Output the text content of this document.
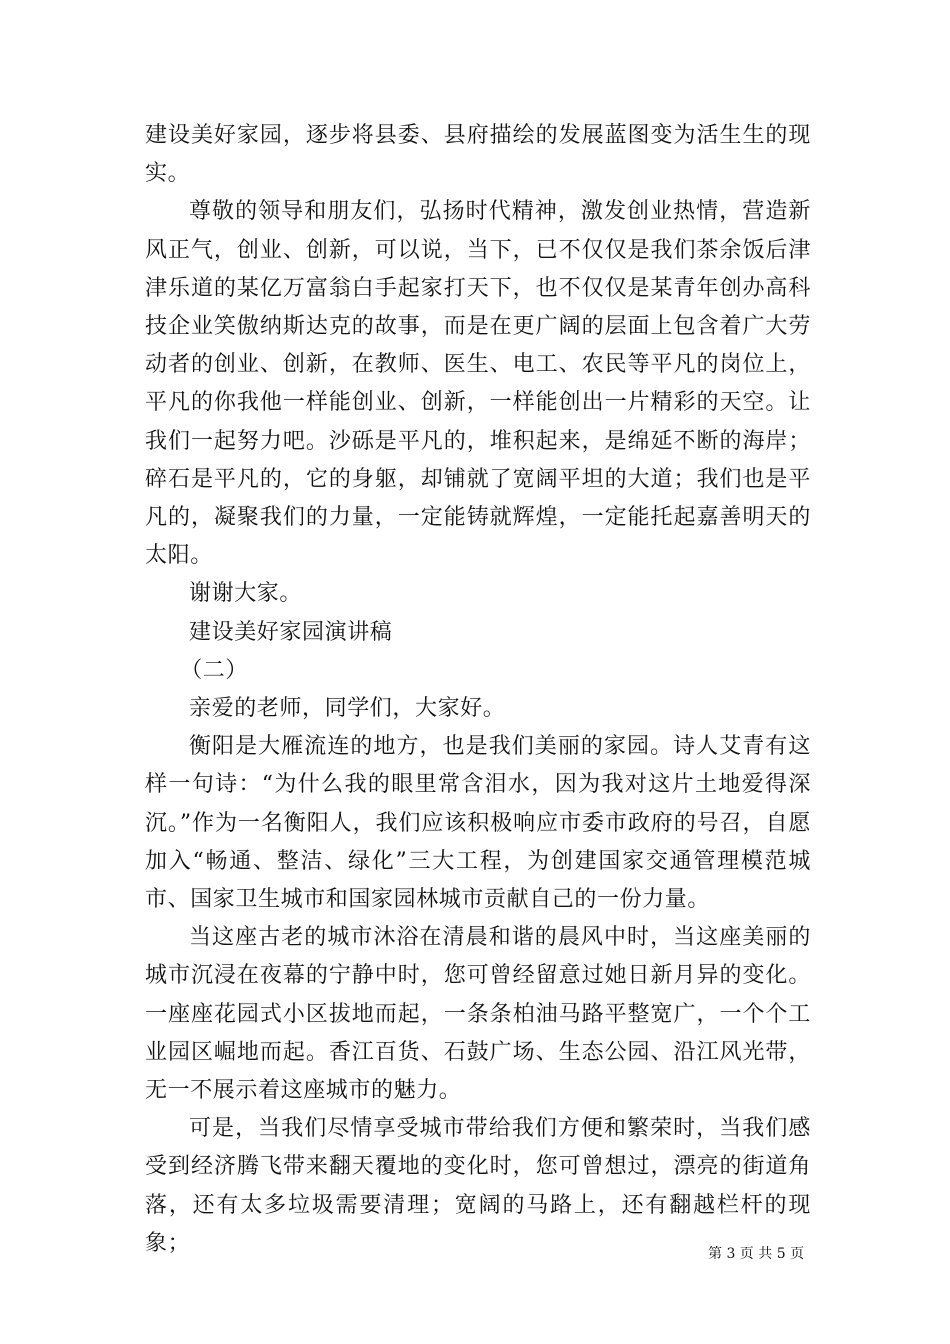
建设美好家园，逐步将县委、县府描绘的发展蓝图变为活生生的现实。

尊敬的领导和朋友们，弘扬时代精神，激发创业热情，营造新风正气，创业、创新，可以说，当下，已不仅仅是我们茶余饭后津津乐道的某亿万富翁白手起家打天下，也不仅仅是某青年创办高科技企业笑傲纳斯达克的故事，而是在更广阔的层面上包含着广大劳动者的创业、创新，在教师、医生、电工、农民等平凡的岗位上，平凡的你我他一样能创业、创新，一样能创出一片精彩的天空。让我们一起努力吧。沙砾是平凡的，堆积起来，是绵延不断的海岸；碎石是平凡的，它的身躯，却铺就了宽阔平坦的大道；我们也是平凡的，凝聚我们的力量，一定能铸就辉煌，一定能托起嘉善明天的太阳。

谢谢大家。

建设美好家园演讲稿

（二）

亲爱的老师，同学们，大家好。

衡阳是大雁流连的地方，也是我们美丽的家园。诗人艾青有这样一句诗：“为什么我的眼里常含泪水，因为我对这片土地爱得深沉。”作为一名衡阳人，我们应该积极响应市委市政府的号召，自愿加入“畅通、整洁、绿化”三大工程，为创建国家交通管理模范城市、国家卫生城市和国家园林城市贡献自己的一份力量。

当这座古老的城市沐浴在清晨和谐的晨风中时，当这座美丽的城市沉浸在夜幕的宁静中时，您可曾经留意过她日新月异的变化。一座座花园式小区拔地而起，一条条柏油马路平整宽广，一个个工业园区崛地而起。香江百货、石鼓广场、生态公园、沿江风光带，无一不展示着这座城市的魅力。

可是，当我们尽情享受城市带给我们方便和繁荣时，当我们感受到经济腾飞带来翻天覆地的变化时，您可曾想过，漂亮的街道角落，还有太多垃圾需要清理；宽阔的马路上，还有翻越栏杆的现象；	第 3 页 共 5 页
